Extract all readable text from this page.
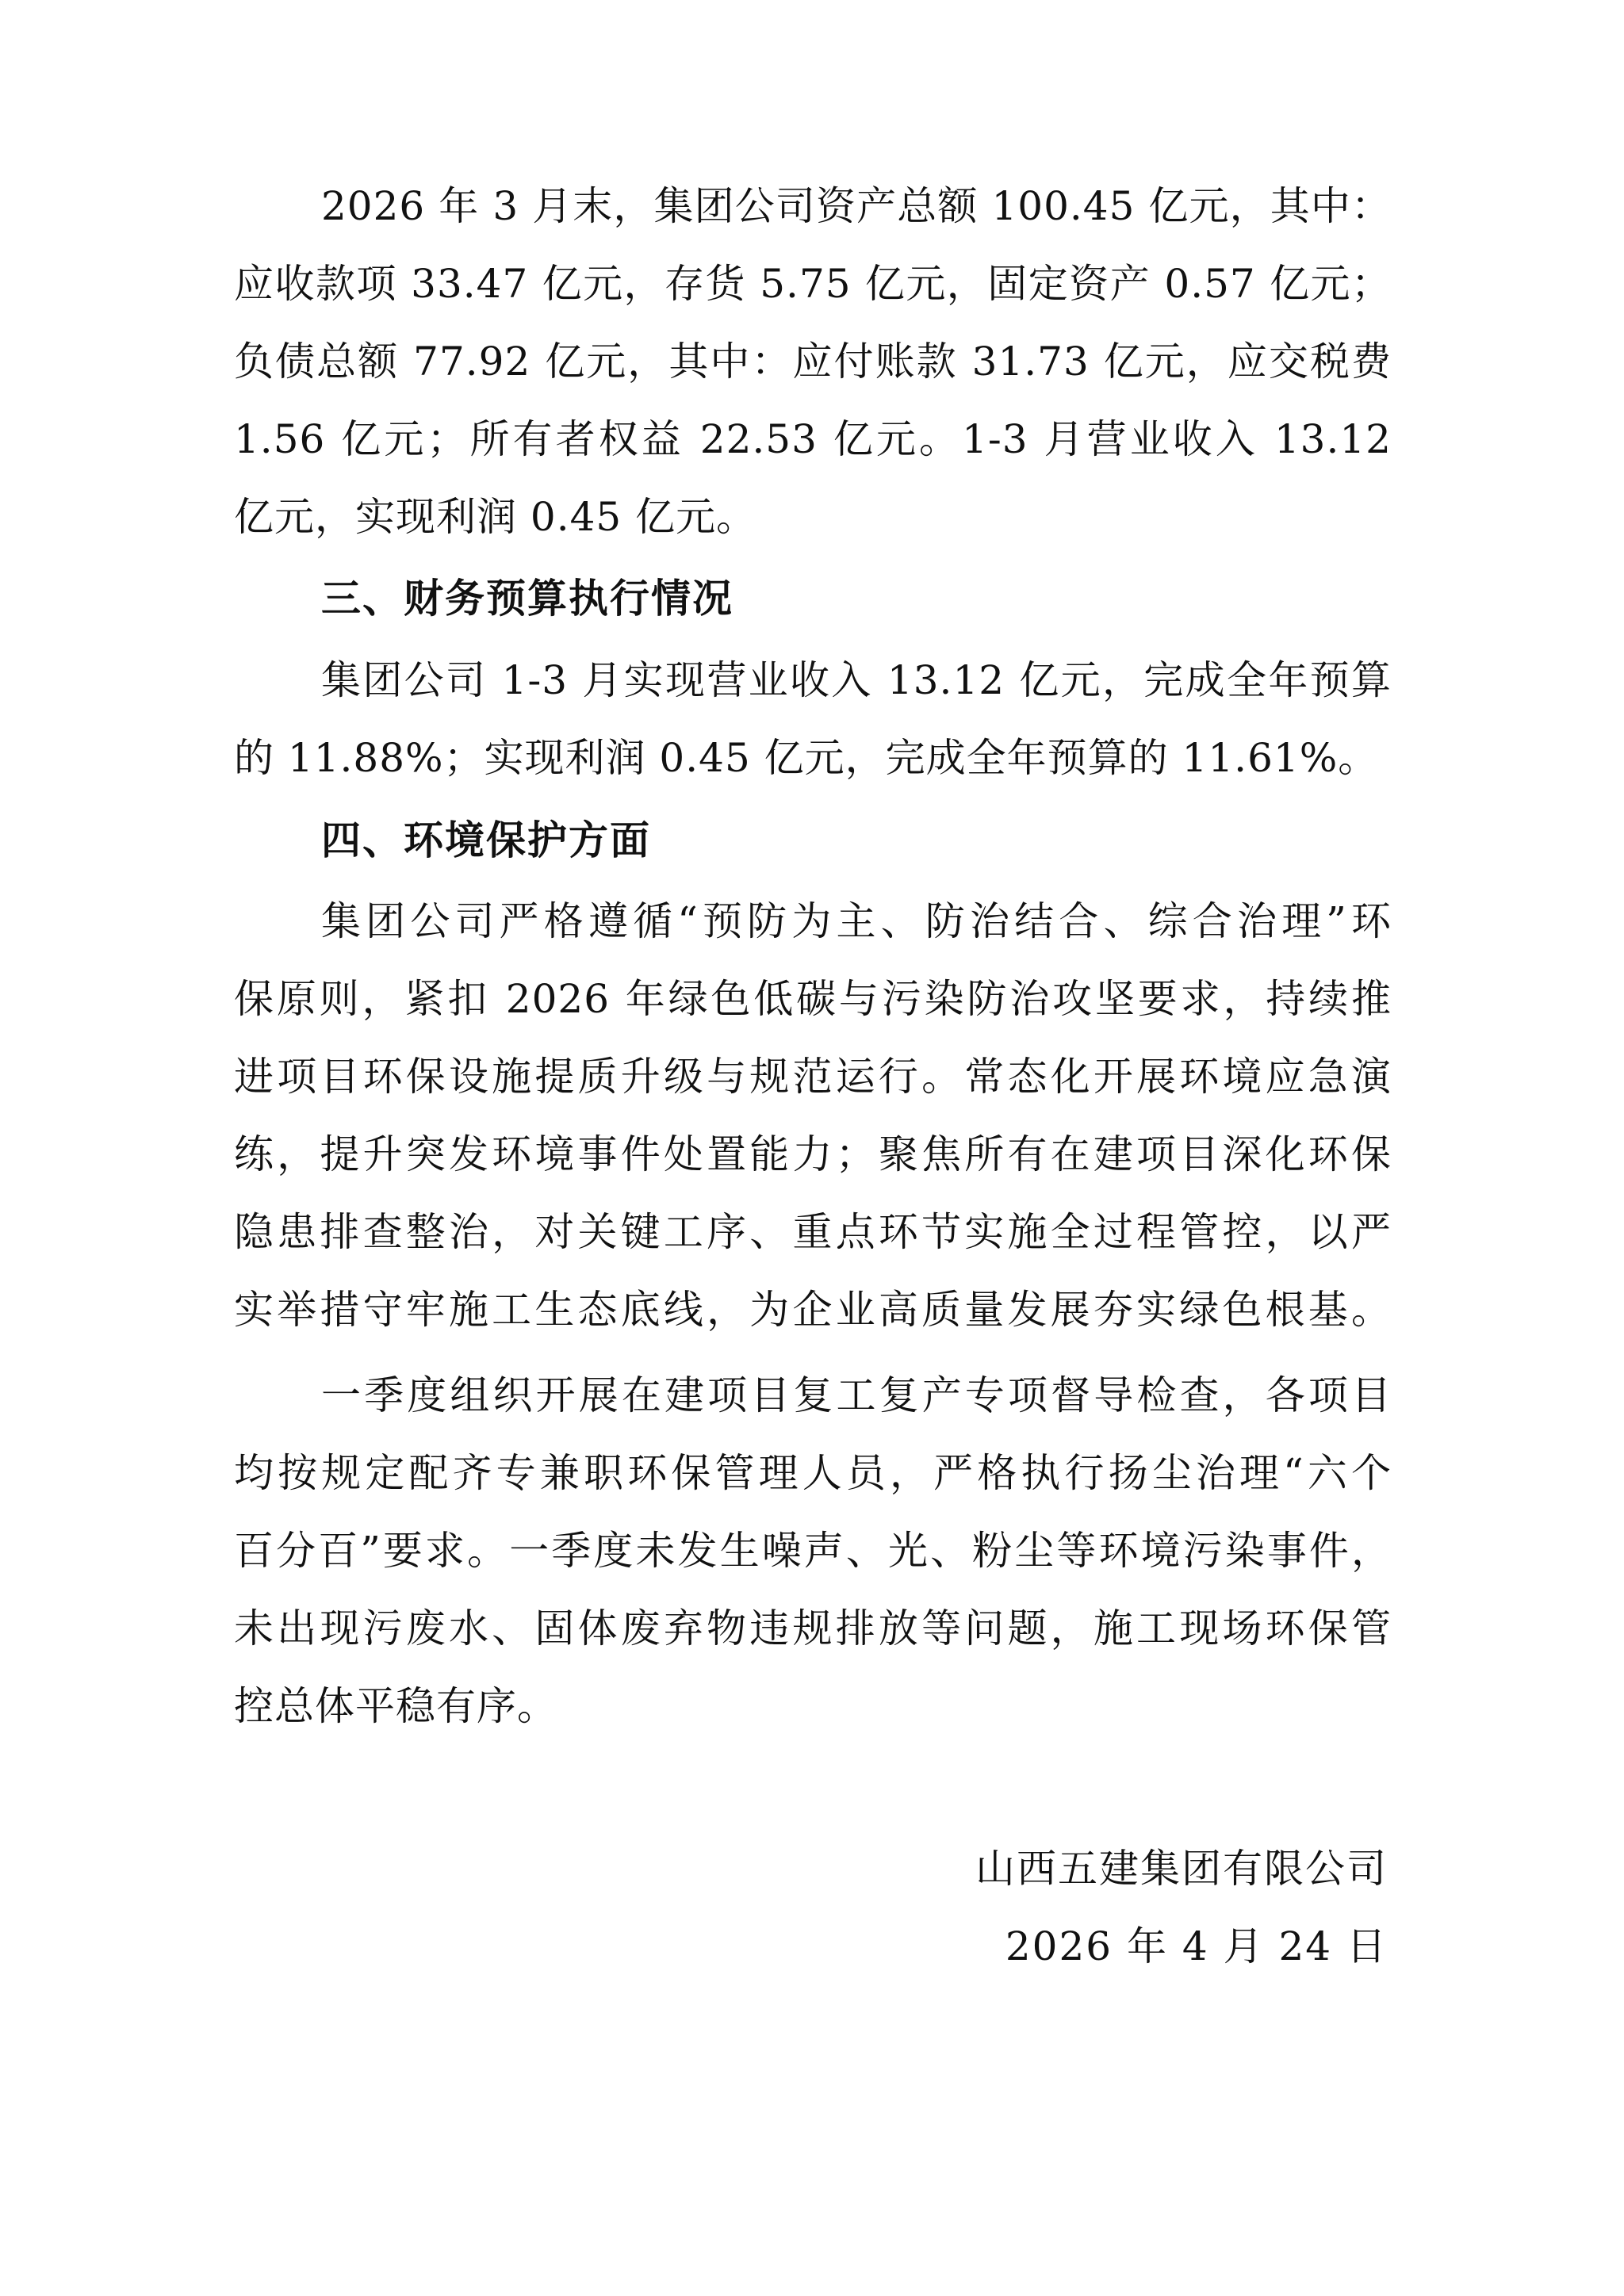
2026 年 3 月末，集团公司资产总额 100.45 亿元，其中：
应收款项 33.47 亿元，存货 5.75 亿元，固定资产 0.57 亿元；
负债总额 77.92 亿元，其中：应付账款 31.73 亿元，应交税费
1.56 亿元；所有者权益 22.53 亿元。1-3 月营业收入 13.12
亿元，实现利润 0.45 亿元。
三、财务预算执行情况
集团公司 1-3 月实现营业收入 13.12 亿元，完成全年预算
的 11.88%；实现利润 0.45 亿元，完成全年预算的 11.61%。
四、环境保护方面
集团公司严格遵循“预防为主、防治结合、综合治理”环
保原则，紧扣 2026 年绿色低碳与污染防治攻坚要求，持续推
进项目环保设施提质升级与规范运行。常态化开展环境应急演
练，提升突发环境事件处置能力；聚焦所有在建项目深化环保
隐患排查整治，对关键工序、重点环节实施全过程管控，以严
实举措守牢施工生态底线，为企业高质量发展夯实绿色根基。
一季度组织开展在建项目复工复产专项督导检查，各项目
均按规定配齐专兼职环保管理人员，严格执行扬尘治理“六个
百分百”要求。一季度未发生噪声、光、粉尘等环境污染事件，
未出现污废水、固体废弃物违规排放等问题，施工现场环保管
控总体平稳有序。
山西五建集团有限公司
2026 年 4 月 24 日
